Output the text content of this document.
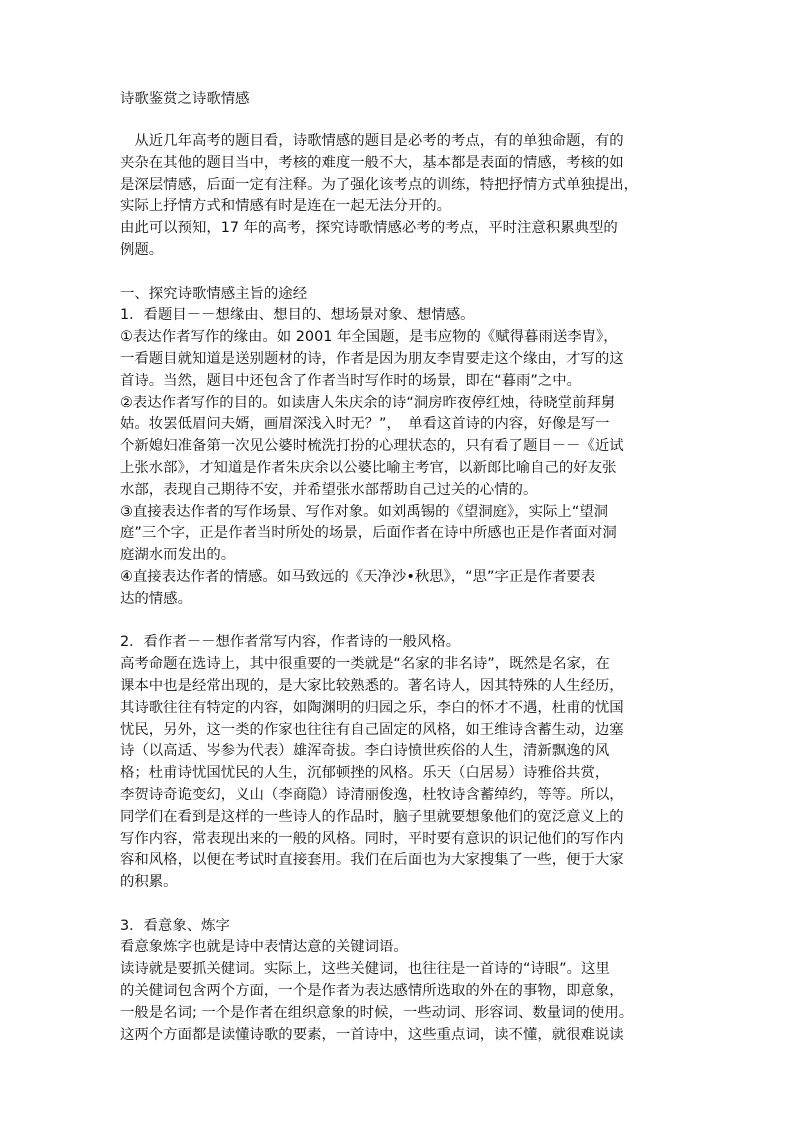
诗歌鉴赏之诗歌情感
　从近几年高考的题目看，诗歌情感的题目是必考的考点，有的单独命题，有的
夹杂在其他的题目当中，考核的难度一般不大，基本都是表面的情感，考核的如
是深层情感，后面一定有注释。为了强化该考点的训练，特把抒情方式单独提出，
实际上抒情方式和情感有时是连在一起无法分开的。
由此可以预知，17 年的高考，探究诗歌情感必考的考点，平时注意积累典型的
例题。
一、探究诗歌情感主旨的途经
1．看题目－－想缘由、想目的、想场景对象、想情感。
①表达作者写作的缘由。如 2001 年全国题，是韦应物的《赋得暮雨送李胄》，
一看题目就知道是送别题材的诗，作者是因为朋友李胄要走这个缘由，才写的这
首诗。当然，题目中还包含了作者当时写作时的场景，即在“暮雨”之中。
②表达作者写作的目的。如读唐人朱庆余的诗“洞房昨夜停红烛，待晓堂前拜舅
姑。妆罢低眉问夫婿，画眉深浅入时无？”，　单看这首诗的内容，好像是写一
个新媳妇准备第一次见公婆时梳洗打扮的心理状态的，只有看了题目－－《近试
上张水部》，才知道是作者朱庆余以公婆比喻主考官，以新郎比喻自己的好友张
水部，表现自己期待不安，并希望张水部帮助自己过关的心情的。
③直接表达作者的写作场景、写作对象。如刘禹锡的《望洞庭》，实际上“望洞
庭”三个字，正是作者当时所处的场景，后面作者在诗中所感也正是作者面对洞
庭湖水而发出的。
④直接表达作者的情感。如马致远的《天净沙•秋思》，“思”字正是作者要表
达的情感。
2．看作者－－想作者常写内容，作者诗的一般风格。
高考命题在选诗上，其中很重要的一类就是“名家的非名诗”，既然是名家，在
课本中也是经常出现的，是大家比较熟悉的。著名诗人，因其特殊的人生经历，
其诗歌往往有特定的内容，如陶渊明的归园之乐，李白的怀才不遇，杜甫的忧国
忧民，另外，这一类的作家也往往有自己固定的风格，如王维诗含蓄生动，边塞
诗（以高适、岑参为代表）雄浑奇拔。李白诗愤世疾俗的人生，清新飘逸的风
格；杜甫诗忧国忧民的人生，沉郁顿挫的风格。乐天（白居易）诗雅俗共赏，
李贺诗奇诡变幻，义山（李商隐）诗清丽俊逸，杜牧诗含蓄绰约，等等。所以，
同学们在看到是这样的一些诗人的作品时，脑子里就要想象他们的宽泛意义上的
写作内容，常表现出来的一般的风格。同时，平时要有意识的识记他们的写作内
容和风格，以便在考试时直接套用。我们在后面也为大家搜集了一些，便于大家
的积累。
3．看意象、炼字
看意象炼字也就是诗中表情达意的关键词语。
读诗就是要抓关健词。实际上，这些关健词，也往往是一首诗的“诗眼”。这里
的关健词包含两个方面，一个是作者为表达感情所选取的外在的事物，即意象，
一般是名词; 一个是作者在组织意象的时候，一些动词、形容词、数量词的使用。
这两个方面都是读懂诗歌的要素，一首诗中，这些重点词，读不懂，就很难说读
